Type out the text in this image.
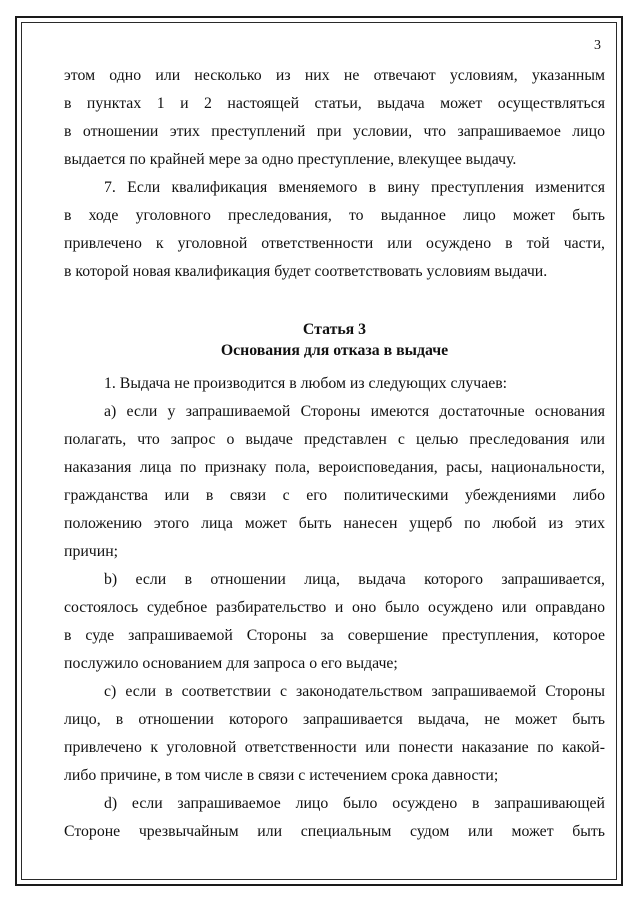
3
этом одно или несколько из них не отвечают условиям, указанным
в пунктах 1 и 2 настоящей статьи, выдача может осуществляться
в отношении этих преступлений при условии, что запрашиваемое лицо
выдается по крайней мере за одно преступление, влекущее выдачу.
7. Если квалификация вменяемого в вину преступления изменится
в ходе уголовного преследования, то выданное лицо может быть
привлечено к уголовной ответственности или осуждено в той части,
в которой новая квалификация будет соответствовать условиям выдачи.
Статья 3
Основания для отказа в выдаче
1. Выдача не производится в любом из следующих случаев:
а) если у запрашиваемой Стороны имеются достаточные основания
полагать, что запрос о выдаче представлен с целью преследования или
наказания лица по признаку пола, вероисповедания, расы, национальности,
гражданства или в связи с его политическими убеждениями либо
положению этого лица может быть нанесен ущерб по любой из этих
причин;
b) если в отношении лица, выдача которого запрашивается,
состоялось судебное разбирательство и оно было осуждено или оправдано
в суде запрашиваемой Стороны за совершение преступления, которое
послужило основанием для запроса о его выдаче;
с) если в соответствии с законодательством запрашиваемой Стороны
лицо, в отношении которого запрашивается выдача, не может быть
привлечено к уголовной ответственности или понести наказание по какой-
либо причине, в том числе в связи с истечением срока давности;
d) если запрашиваемое лицо было осуждено в запрашивающей
Стороне чрезвычайным или специальным судом или может быть
